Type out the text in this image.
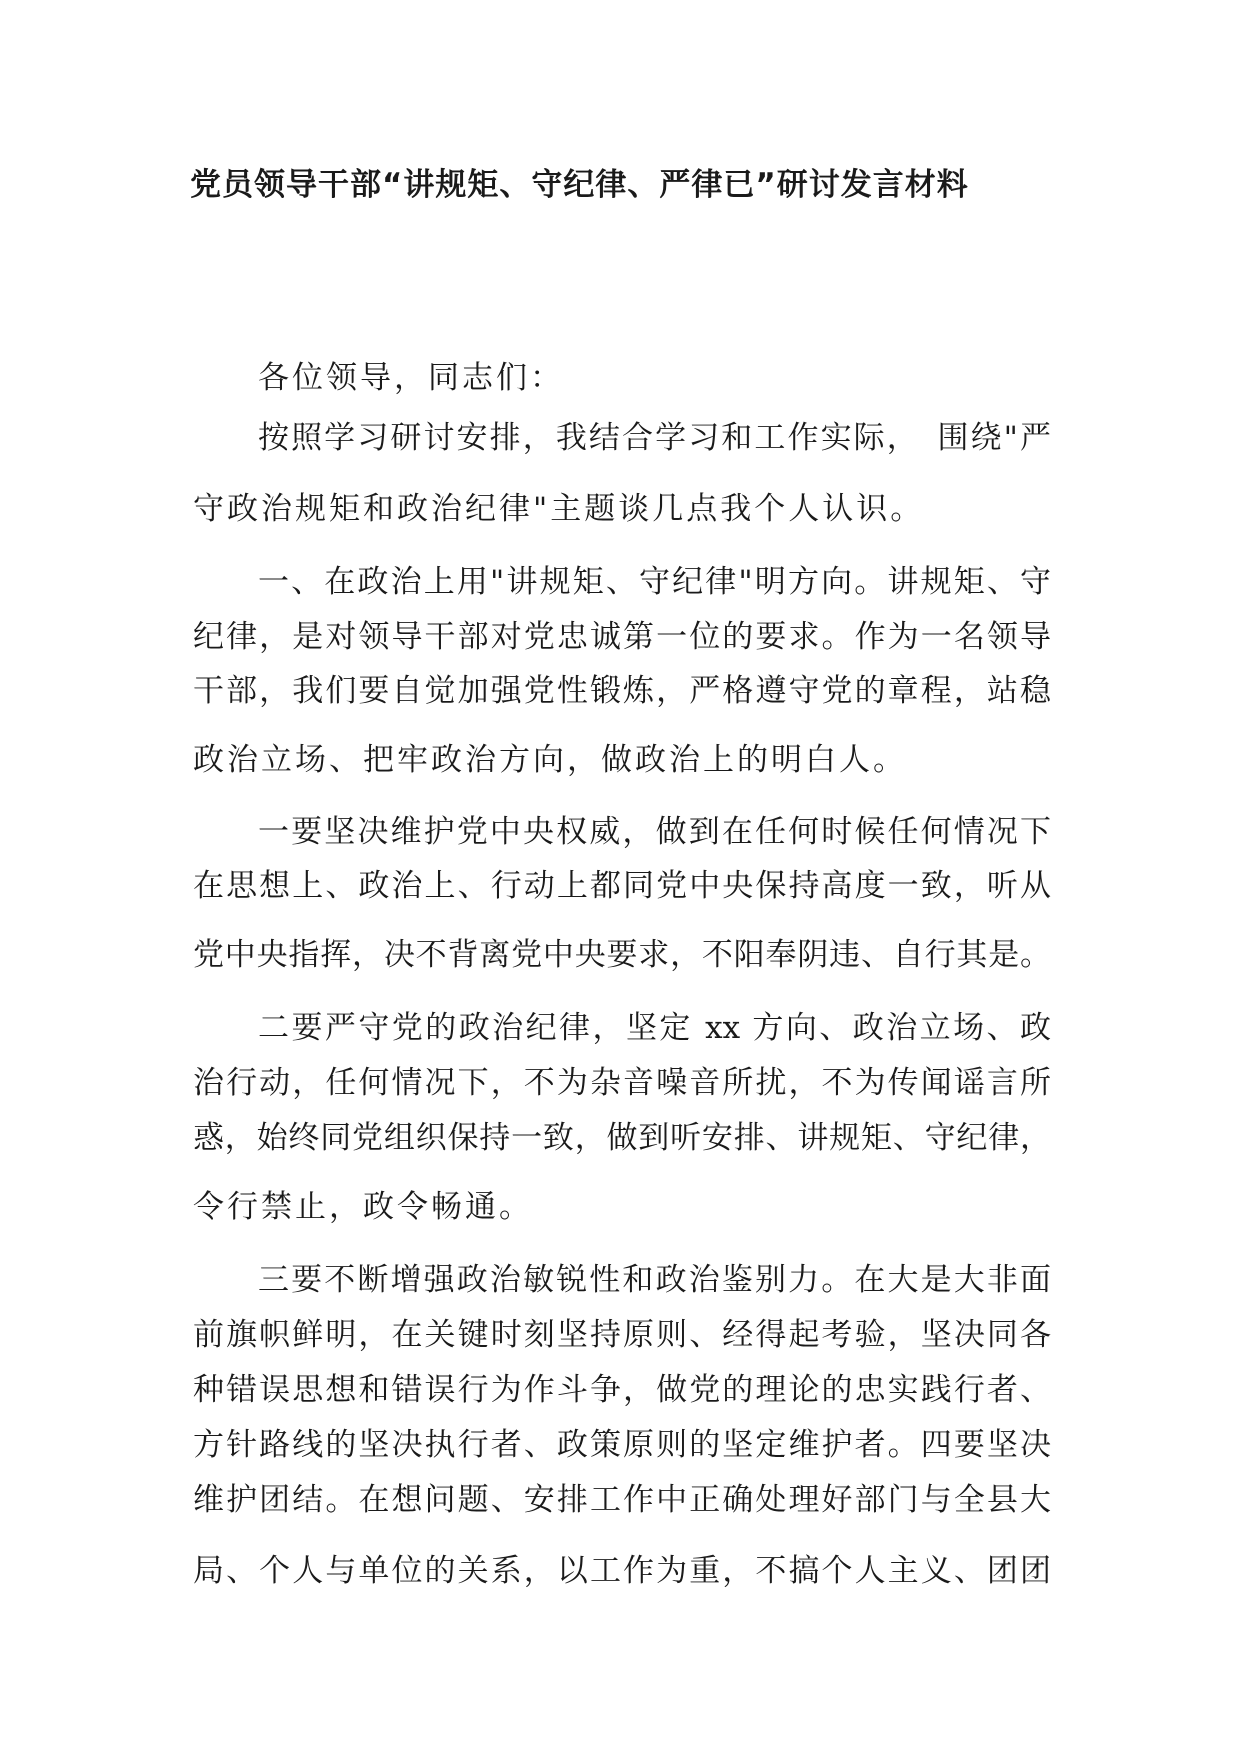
党员领导干部“讲规矩、守纪律、严律已”研讨发言材料

各位领导，同志们：

按照学习研讨安排，我结合学习和工作实际，　围绕"严

守政治规矩和政治纪律"主题谈几点我个人认识。

一、在政治上用"讲规矩、守纪律"明方向。讲规矩、守

纪律，是对领导干部对党忠诚第一位的要求。作为一名领导

干部，我们要自觉加强党性锻炼，严格遵守党的章程，站稳

政治立场、把牢政治方向，做政治上的明白人。

一要坚决维护党中央权威，做到在任何时候任何情况下

在思想上、政治上、行动上都同党中央保持高度一致，听从

党中央指挥，决不背离党中央要求，不阳奉阴违、自行其是。

二要严守党的政治纪律，坚定 xx 方向、政治立场、政

治行动，任何情况下，不为杂音噪音所扰，不为传闻谣言所

惑，始终同党组织保持一致，做到听安排、讲规矩、守纪律，

令行禁止，政令畅通。

三要不断增强政治敏锐性和政治鉴别力。在大是大非面

前旗帜鲜明，在关键时刻坚持原则、经得起考验，坚决同各

种错误思想和错误行为作斗争，做党的理论的忠实践行者、

方针路线的坚决执行者、政策原则的坚定维护者。四要坚决

维护团结。在想问题、安排工作中正确处理好部门与全县大

局、个人与单位的关系，以工作为重，不搞个人主义、团团
